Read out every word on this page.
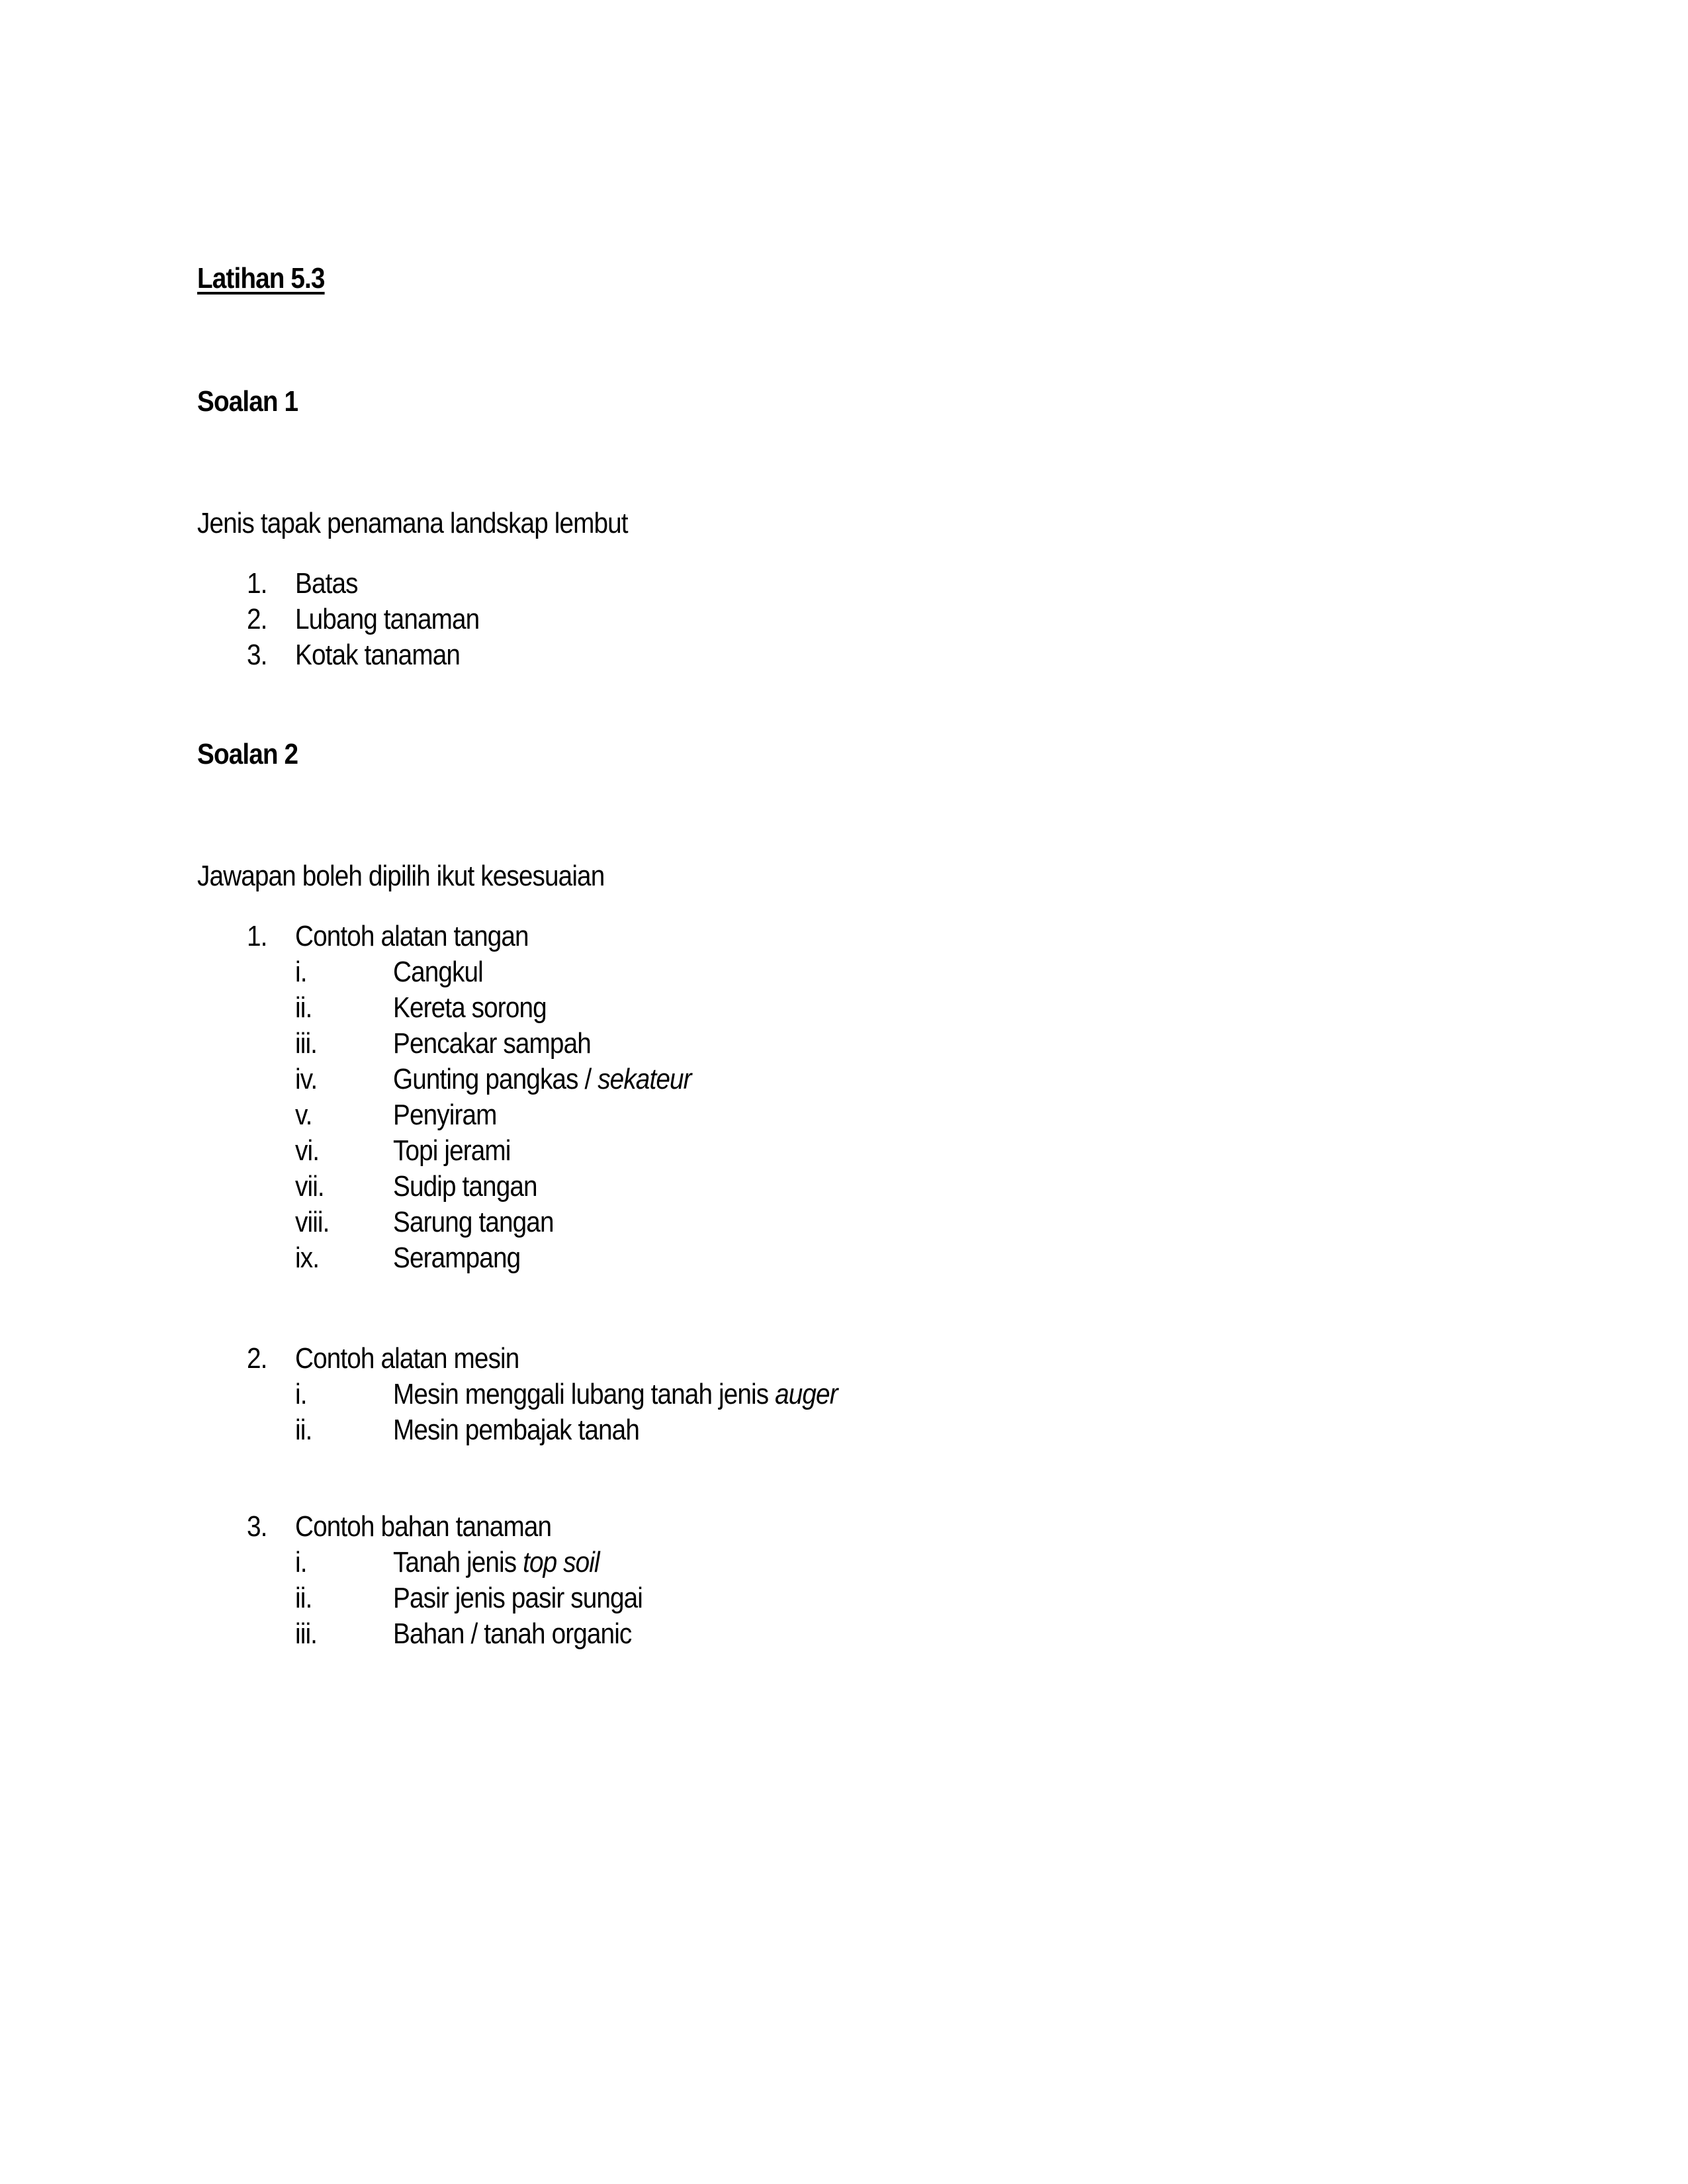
Latihan 5.3
Soalan 1
Jenis tapak penamana landskap lembut
1. Batas
2. Lubang tanaman
3. Kotak tanaman
Soalan 2
Jawapan boleh dipilih ikut kesesuaian
1. Contoh alatan tangan
i.	Cangkul
ii.	Kereta sorong
iii.	Pencakar sampah
iv.	Gunting pangkas / sekateur
v.	Penyiram
vi.	Topi jerami
vii. Sudip tangan
viii. Sarung tangan
ix.	Serampang
2. Contoh alatan mesin
i.	Mesin menggali lubang tanah jenis auger
ii.	Mesin pembajak tanah
3. Contoh bahan tanaman
i.	Tanah jenis top soil
ii.	Pasir jenis pasir sungai
iii.	Bahan / tanah organic
